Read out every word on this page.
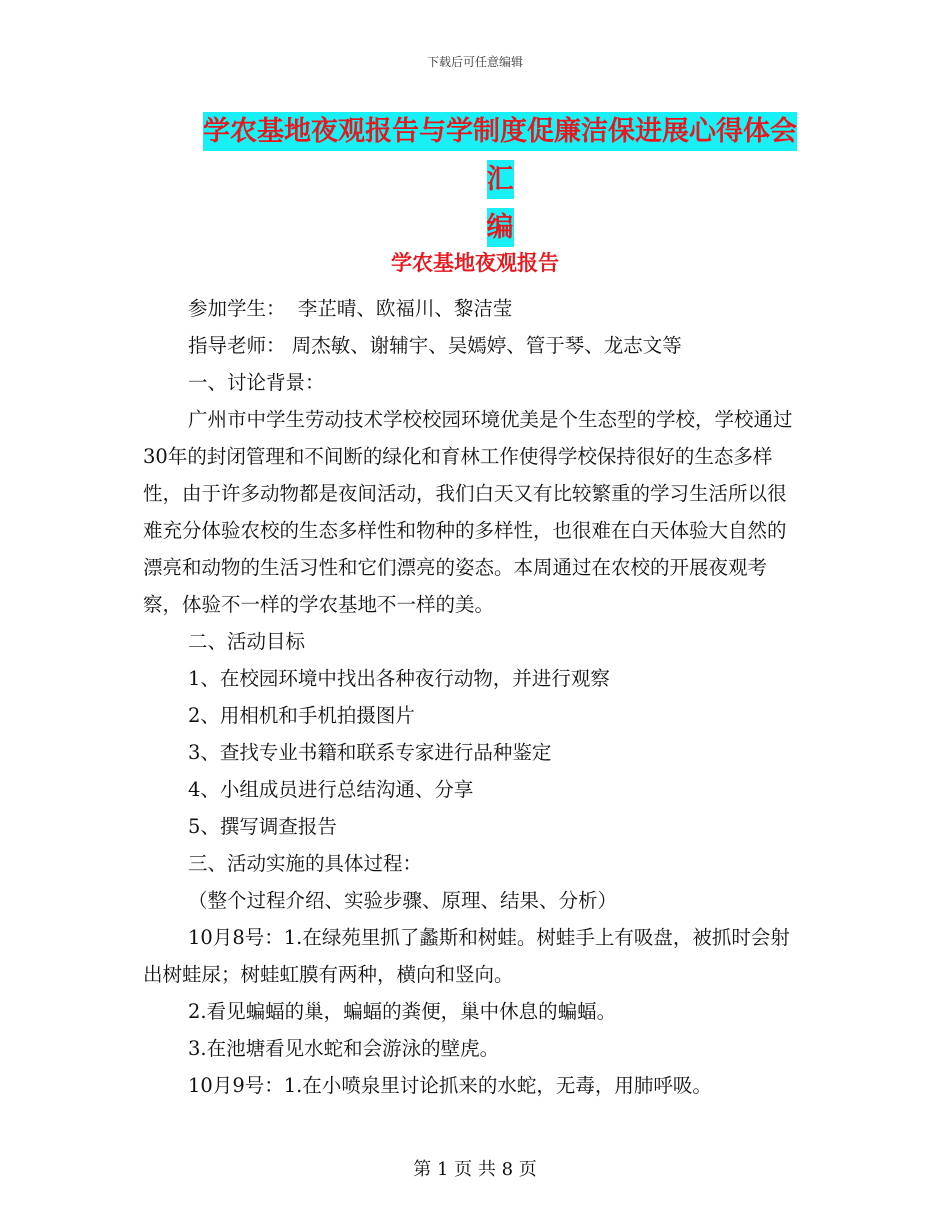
下载后可任意编辑
学农基地夜观报告与学制度促廉洁保进展心得体会汇
编
学农基地夜观报告

参加学生：  李芷晴、欧福川、黎洁莹

指导老师： 周杰敏、谢辅宇、吴嫣婷、管于琴、龙志文等

一、讨论背景：

广州市中学生劳动技术学校校园环境优美是个生态型的学校，学校通过30年的封闭管理和不间断的绿化和育林工作使得学校保持很好的生态多样性，由于许多动物都是夜间活动，我们白天又有比较繁重的学习生活所以很难充分体验农校的生态多样性和物种的多样性，也很难在白天体验大自然的漂亮和动物的生活习性和它们漂亮的姿态。本周通过在农校的开展夜观考察，体验不一样的学农基地不一样的美。

二、活动目标

1、在校园环境中找出各种夜行动物，并进行观察

2、用相机和手机拍摄图片

3、查找专业书籍和联系专家进行品种鉴定

4、小组成员进行总结沟通、分享

5、撰写调查报告

三、活动实施的具体过程：

（整个过程介绍、实验步骤、原理、结果、分析）

10月8号：1.在绿苑里抓了蠡斯和树蛙。树蛙手上有吸盘，被抓时会射出树蛙尿；树蛙虹膜有两种，横向和竖向。

2.看见蝙蝠的巢，蝙蝠的粪便，巢中休息的蝙蝠。

3.在池塘看见水蛇和会游泳的壁虎。

10月9号：1.在小喷泉里讨论抓来的水蛇，无毒，用肺呼吸。

第 1 页 共 8 页
